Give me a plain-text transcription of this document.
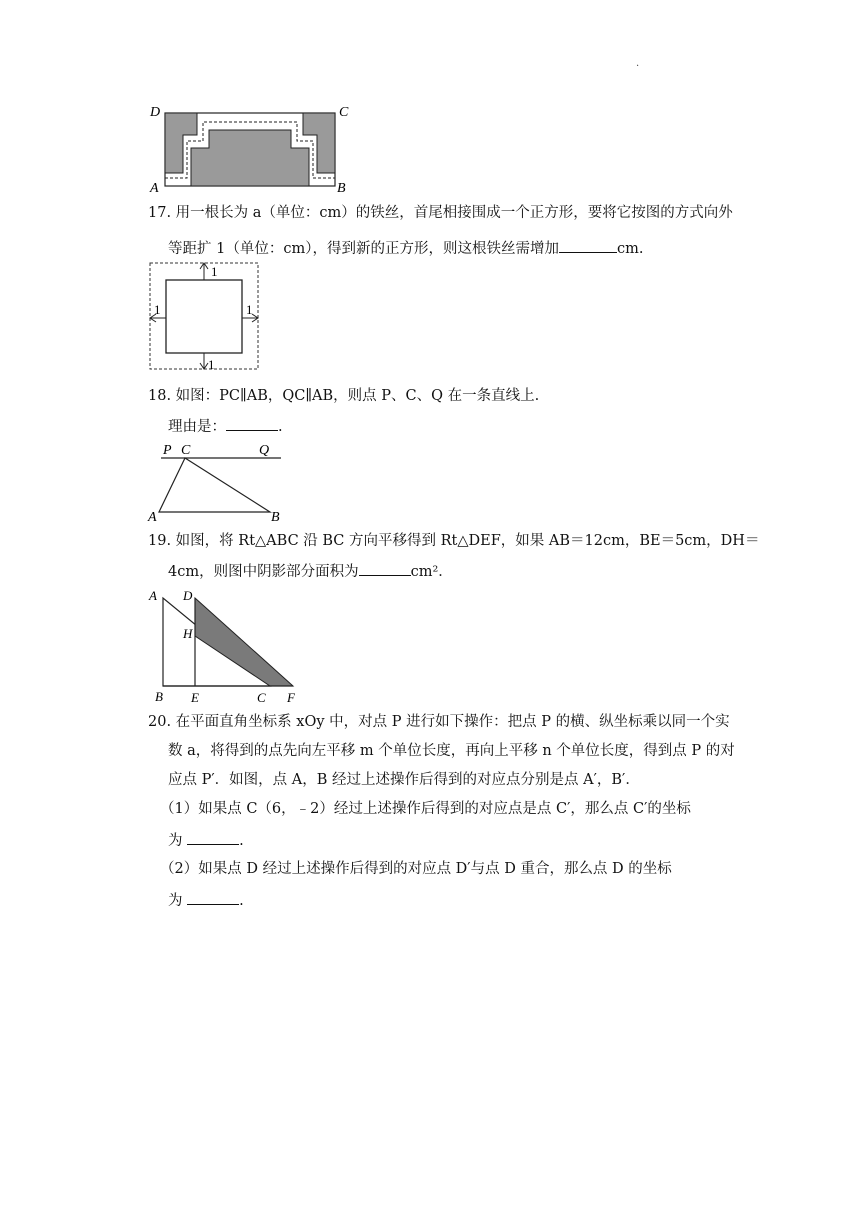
.
D	C
A	B
17. 用一根长为 a（单位：cm）的铁丝，首尾相接围成一个正方形，要将它按图的方式向外
等距扩 1（单位：cm），得到新的正方形，则这根铁丝需增加	cm.
1
1	1
1
18. 如图：PC∥AB，QC∥AB，则点 P、C、Q 在一条直线上.
理由是：	.
P C	Q
A	B
19. 如图，将 Rt△ABC 沿 BC 方向平移得到 Rt△DEF，如果 AB＝12cm，BE＝5cm，DH＝
4cm，则图中阴影部分面积为	cm²．
A D
H
B E	C F
20. 在平面直角坐标系 xOy 中，对点 P 进行如下操作：把点 P 的横、纵坐标乘以同一个实
数 a，将得到的点先向左平移 m 个单位长度，再向上平移 n 个单位长度，得到点 P 的对
应点 P′．如图，点 A，B 经过上述操作后得到的对应点分别是点 A′，B′．
（1）如果点 C（6，﹣2）经过上述操作后得到的对应点是点 C′，那么点 C′的坐标
为	.
（2）如果点 D 经过上述操作后得到的对应点 D′与点 D 重合，那么点 D 的坐标
为	.
